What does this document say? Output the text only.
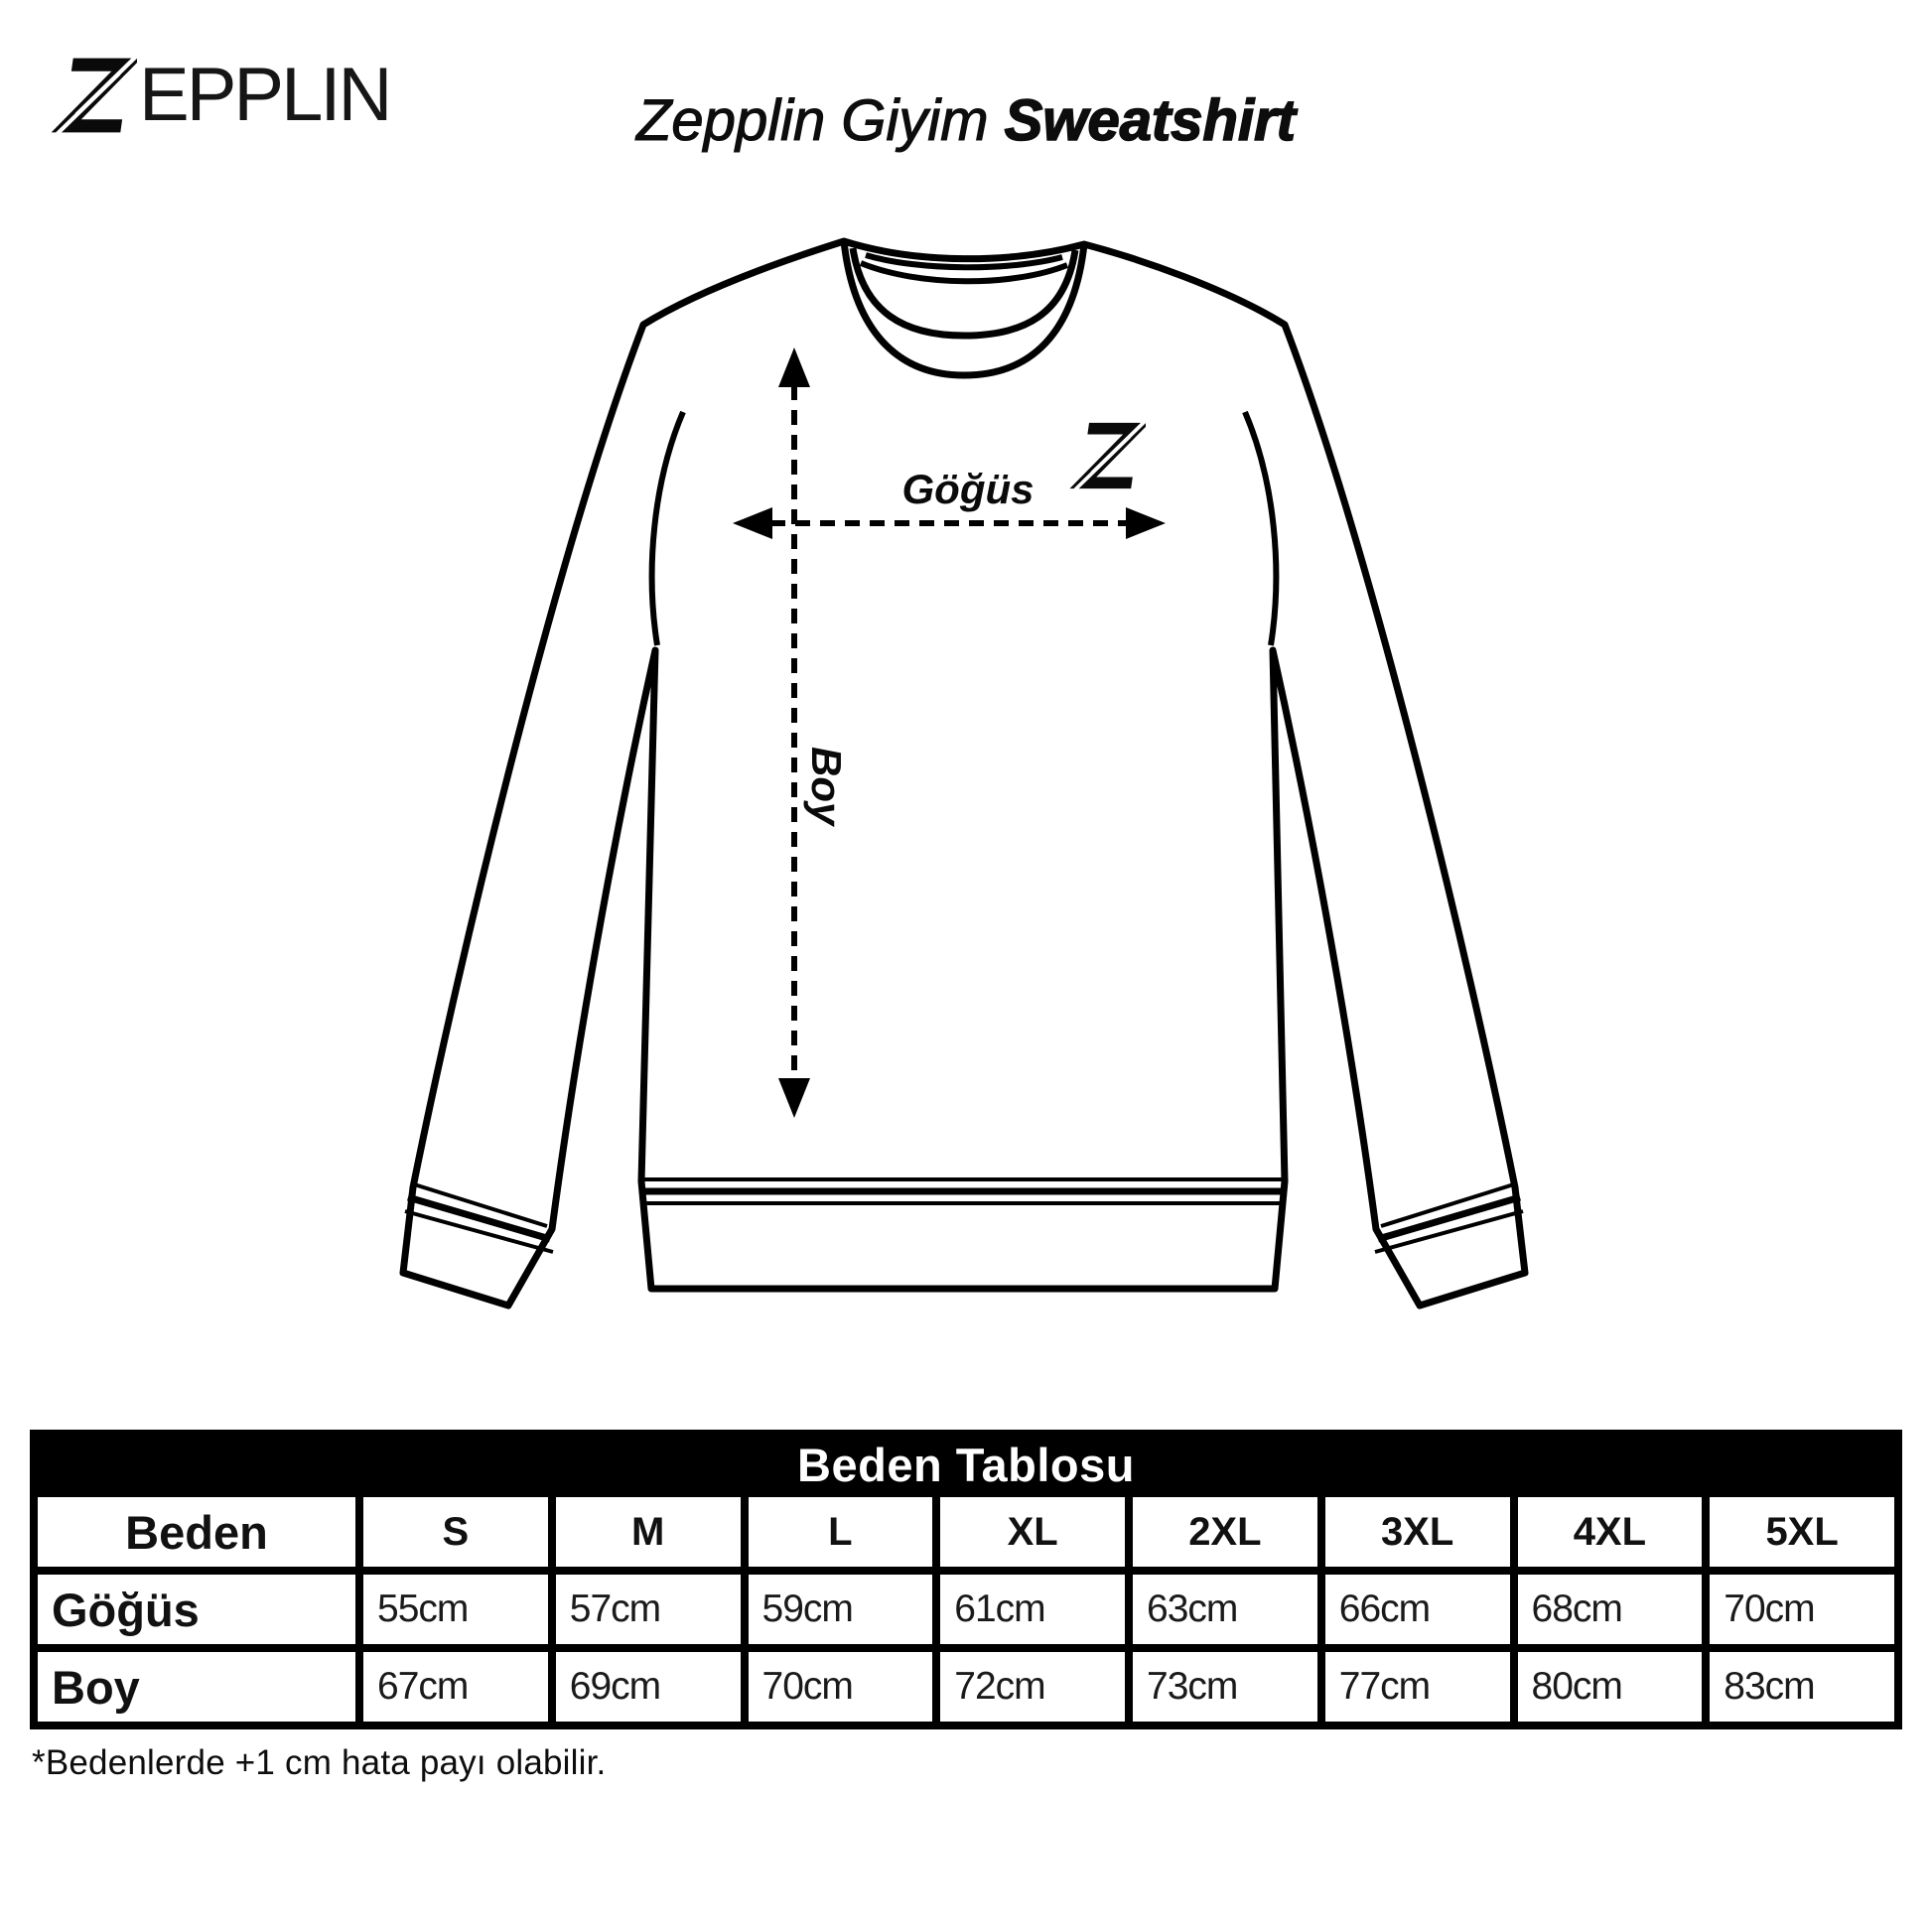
EPPLIN	Zepplin Giyim Sweatshirt
Göğüs
Boy
Beden Tablosu
Beden	S	M	L	XL	2XL	3XL	4XL	5XL
Göğüs	55cm	57cm	59cm	61cm	63cm	66cm	68cm	70cm
Boy	67cm	69cm	70cm	72cm	73cm	77cm	80cm	83cm
*Bedenlerde +1 cm hata payı olabilir.
